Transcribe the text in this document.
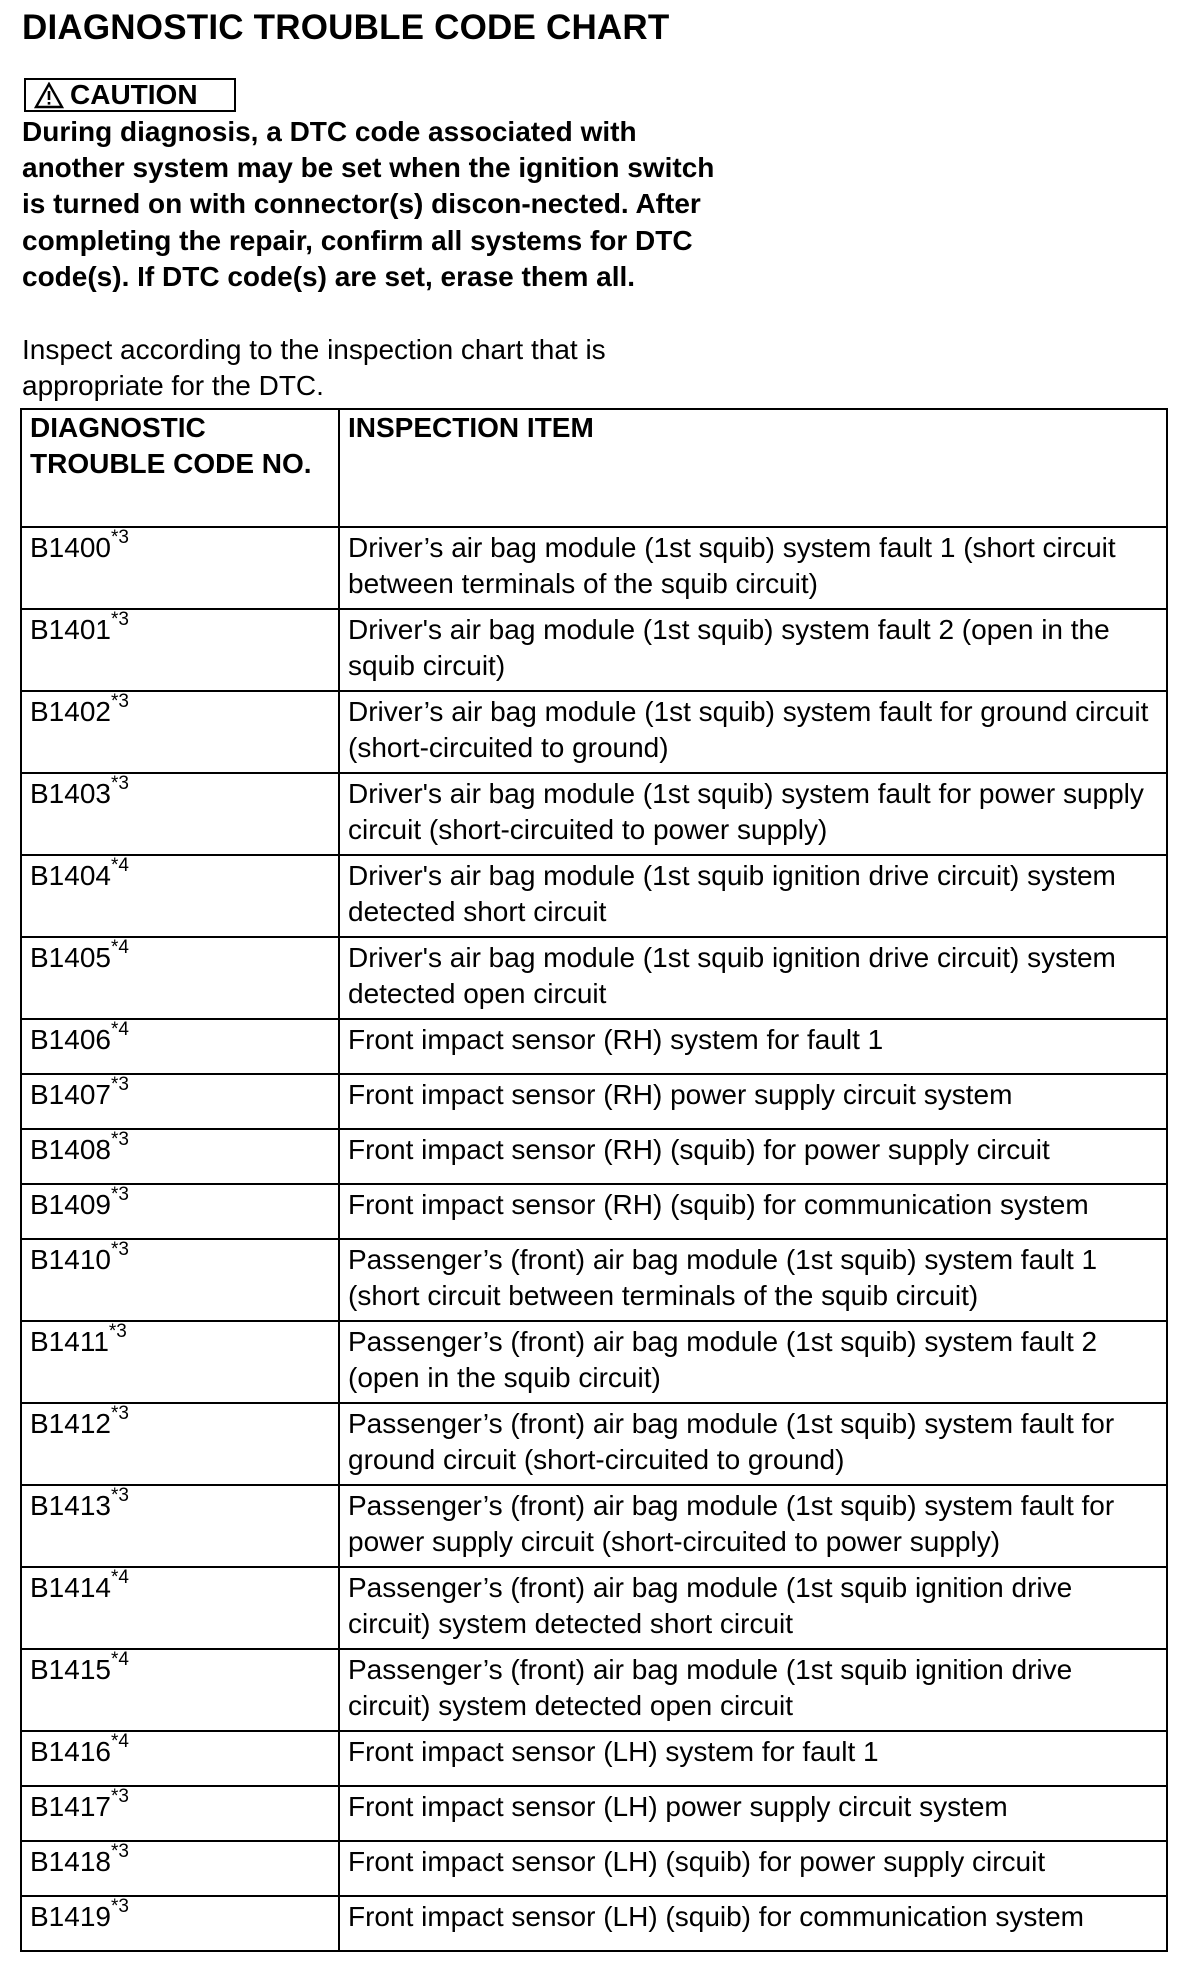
DIAGNOSTIC TROUBLE CODE CHART
CAUTION

During diagnosis, a DTC code associated with another system may be set when the ignition switch is turned on with connector(s) discon-nected. After completing the repair, confirm all systems for DTC code(s). If DTC code(s) are set, erase them all.

Inspect according to the inspection chart that is appropriate for the DTC.

DIAGNOSTIC TROUBLE CODE NO.	INSPECTION ITEM
B1400$^{*3}$	Driver’s air bag module (1st squib) system fault 1 (short circuit between terminals of the squib circuit)
B1401$^{*3}$	Driver's air bag module (1st squib) system fault 2 (open in the squib circuit)
B1402$^{*3}$	Driver’s air bag module (1st squib) system fault for ground circuit (short-circuited to ground)
B1403$^{*3}$	Driver's air bag module (1st squib) system fault for power supply circuit (short-circuited to power supply)
B1404$^{*4}$	Driver's air bag module (1st squib ignition drive circuit) system detected short circuit
B1405$^{*4}$	Driver's air bag module (1st squib ignition drive circuit) system detected open circuit
B1406$^{*4}$	Front impact sensor (RH) system for fault 1
B1407$^{*3}$	Front impact sensor (RH) power supply circuit system
B1408$^{*3}$	Front impact sensor (RH) (squib) for power supply circuit
B1409$^{*3}$	Front impact sensor (RH) (squib) for communication system
B1410$^{*3}$	Passenger’s (front) air bag module (1st squib) system fault 1 (short circuit between terminals of the squib circuit)
B1411$^{*3}$	Passenger’s (front) air bag module (1st squib) system fault 2 (open in the squib circuit)
B1412$^{*3}$	Passenger’s (front) air bag module (1st squib) system fault for ground circuit (short-circuited to ground)
B1413$^{*3}$	Passenger’s (front) air bag module (1st squib) system fault for power supply circuit (short-circuited to power supply)
B1414$^{*4}$	Passenger’s (front) air bag module (1st squib ignition drive circuit) system detected short circuit
B1415$^{*4}$	Passenger’s (front) air bag module (1st squib ignition drive circuit) system detected open circuit
B1416$^{*4}$	Front impact sensor (LH) system for fault 1
B1417$^{*3}$	Front impact sensor (LH) power supply circuit system
B1418$^{*3}$	Front impact sensor (LH) (squib) for power supply circuit
B1419$^{*3}$	Front impact sensor (LH) (squib) for communication system
